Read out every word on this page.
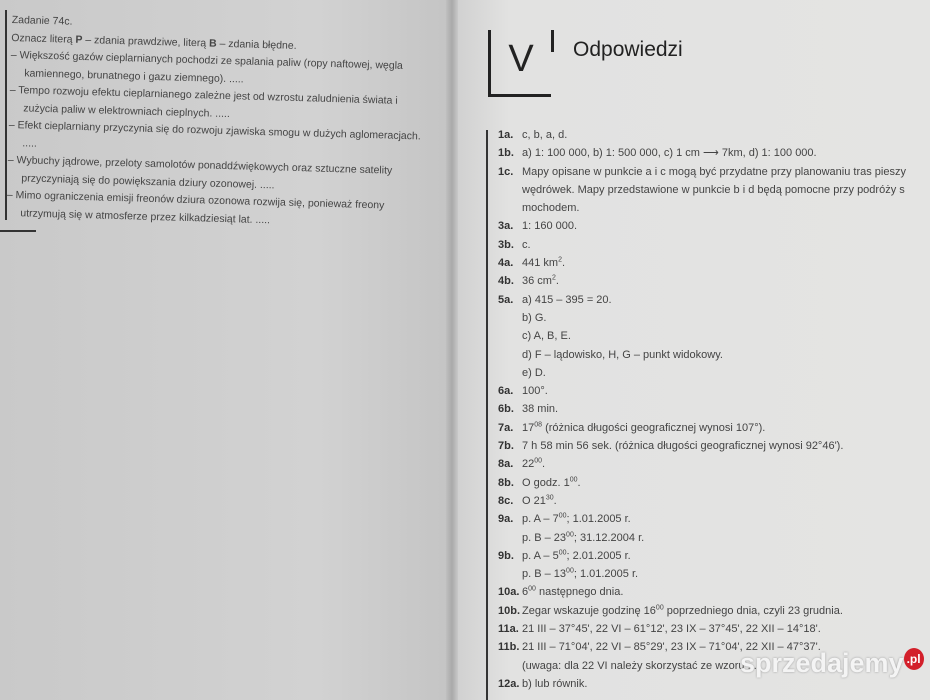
Zadanie 74c.
Oznacz literą P – zdania prawdziwe, literą B – zdania błędne.
– Większość gazów cieplarnianych pochodzi ze spalania paliw (ropy naftowej, węgla kamiennego, brunatnego i gazu ziemnego). .....
– Tempo rozwoju efektu cieplarnianego zależne jest od wzrostu zaludnienia świata i zużycia paliw w elektrowniach cieplnych. .....
– Efekt cieplarniany przyczynia się do rozwoju zjawiska smogu w dużych aglomeracjach. .....
– Wybuchy jądrowe, przeloty samolotów ponaddźwiękowych oraz sztuczne satelity przyczyniają się do powiększania dziury ozonowej. .....
– Mimo ograniczenia emisji freonów dziura ozonowa rozwija się, ponieważ freony utrzymują się w atmosferze przez kilkadziesiąt lat. .....
V	Odpowiedzi
1a. c, b, a, d.
1b. a) 1: 100 000, b) 1: 500 000, c) 1 cm ⟶ 7km, d) 1: 100 000.
1c. Mapy opisane w punkcie a i c mogą być przydatne przy planowaniu tras pieszy
wędrówek. Mapy przedstawione w punkcie b i d będą pomocne przy podróży s
mochodem.
3a. 1: 160 000.
3b. c.
4a. 441 $km^2$.
4b. 36 $cm^2$.
5a. a) 415 – 395 = 20.
b) G.
c) A, B, E.
d) F – lądowisko, H, G – punkt widokowy.
e) D.
6a. 100°.
6b. 38 min.
7a. $17^{08}$ (różnica długości geograficznej wynosi 107°).
7b. 7 h 58 min 56 sek. (różnica długości geograficznej wynosi 92°46').
8a. $22^{00}$.
8b. O godz. $1^{00}$.
8c. O $21^{30}$.
9a. p. A – $7^{00}$; 1.01.2005 r.
p. B – $23^{00}$; 31.12.2004 r.
9b. p. A – $5^{00}$; 2.01.2005 r.
p. B – $13^{00}$; 1.01.2005 r.
10a. $6^{00}$ następnego dnia.
10b. Zegar wskazuje godzinę $16^{00}$ poprzedniego dnia, czyli 23 grudnia.
11a. 21 III – 37°45', 22 VI – 61°12', 23 IX – 37°45', 22 XII – 14°18'.
11b. 21 III – 71°04', 22 VI – 85°29', 23 IX – 71°04', 22 XII – 47°37'.
(uwaga: dla 22 VI należy skorzystać ze wzoru ...
12a. b) lub równik.
sprzedajemy .pl
